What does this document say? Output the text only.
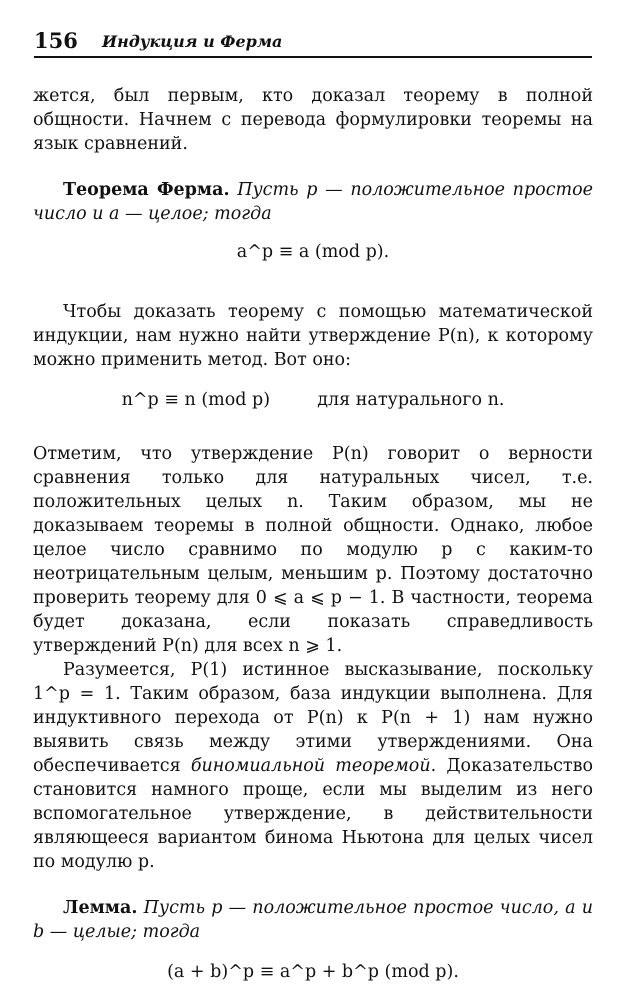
156 Индукция и Ферма

жется, был первым, кто доказал теорему в полной общности. Начнем с перевода формулировки теоремы на язык сравнений.

Теорема Ферма. Пусть p — положительное простое число и a — целое; тогда

a^p ≡ a (mod p).

Чтобы доказать теорему с помощью математической индукции, нам нужно найти утверждение P(n), к которому можно применить метод. Вот оно:

n^p ≡ n (mod p)	для натурального n.

Отметим, что утверждение P(n) говорит о верности сравнения только для натуральных чисел, т.е. положительных целых n. Таким образом, мы не доказываем теоремы в полной общности. Однако, любое целое число сравнимо по модулю p с каким-то неотрицательным целым, меньшим p. Поэтому достаточно проверить теорему для 0 ⩽ a ⩽ p − 1. В частности, теорема будет доказана, если показать справедливость утверждений P(n) для всех n ⩾ 1.

Разумеется, P(1) истинное высказывание, поскольку 1^p = 1. Таким образом, база индукции выполнена. Для индуктивного перехода от P(n) к P(n + 1) нам нужно выявить связь между этими утверждениями. Она обеспечивается биномиальной теоремой. Доказательство становится намного проще, если мы выделим из него вспомогательное утверждение, в действительности являющееся вариантом бинома Ньютона для целых чисел по модулю p.

Лемма. Пусть p — положительное простое число, a и b — целые; тогда

(a + b)^p ≡ a^p + b^p (mod p).
